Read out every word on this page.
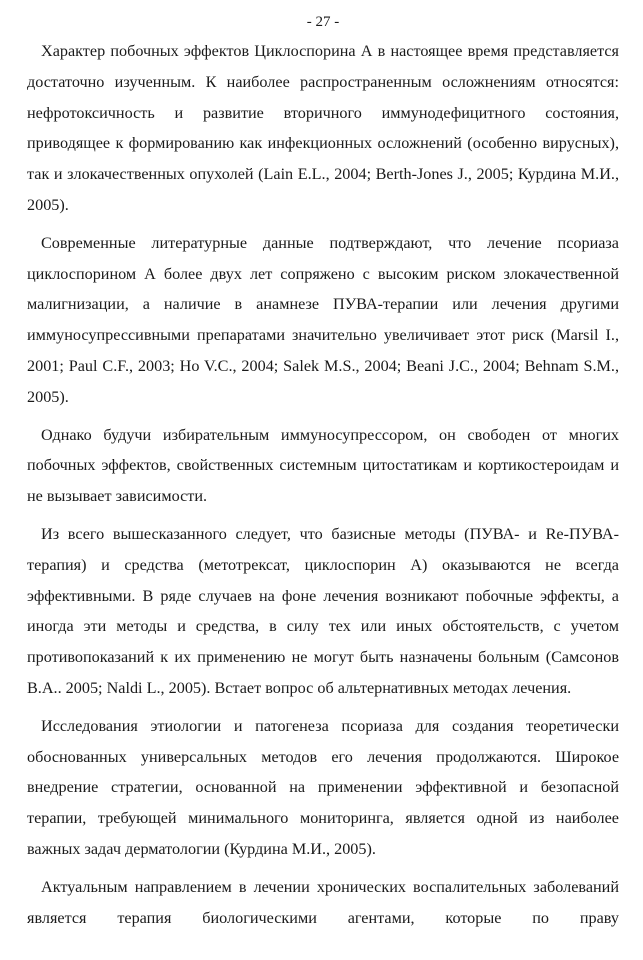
- 27 -

Характер побочных эффектов Циклоспорина А в настоящее время представляется достаточно изученным. К наиболее распространенным осложнениям относятся: нефротоксичность и развитие вторичного иммунодефицитного состояния, приводящее к формированию как инфекционных осложнений (особенно вирусных), так и злокачественных опухолей (Lain E.L., 2004; Berth-Jones J., 2005; Курдина М.И., 2005).

Современные литературные данные подтверждают, что лечение псориаза циклоспорином А более двух лет сопряжено с высоким риском злокачественной малигнизации, а наличие в анамнезе ПУВА-терапии или лечения другими иммуносупрессивными препаратами значительно увеличивает этот риск (Marsil I., 2001; Paul C.F., 2003; Ho V.C., 2004; Salek M.S., 2004; Beani J.C., 2004; Behnam S.M., 2005).

Однако будучи избирательным иммуносупрессором, он свободен от многих побочных эффектов, свойственных системным цитостатикам и кортикостероидам и не вызывает зависимости.

Из всего вышесказанного следует, что базисные методы (ПУВА- и Re-ПУВА-терапия) и средства (метотрексат, циклоспорин А) оказываются не всегда эффективными. В ряде случаев на фоне лечения возникают побочные эффекты, а иногда эти методы и средства, в силу тех или иных обстоятельств, с учетом противопоказаний к их применению не могут быть назначены больным (Самсонов В.А.. 2005; Naldi L., 2005). Встает вопрос об альтернативных методах лечения.

Исследования этиологии и патогенеза псориаза для создания теоретически обоснованных универсальных методов его лечения продолжаются. Широкое внедрение стратегии, основанной на применении эффективной и безопасной терапии, требующей минимального мониторинга, является одной из наиболее важных задач дерматологии (Курдина М.И., 2005).

Актуальным направлением в лечении хронических воспалительных заболеваний является терапия биологическими агентами, которые по праву
